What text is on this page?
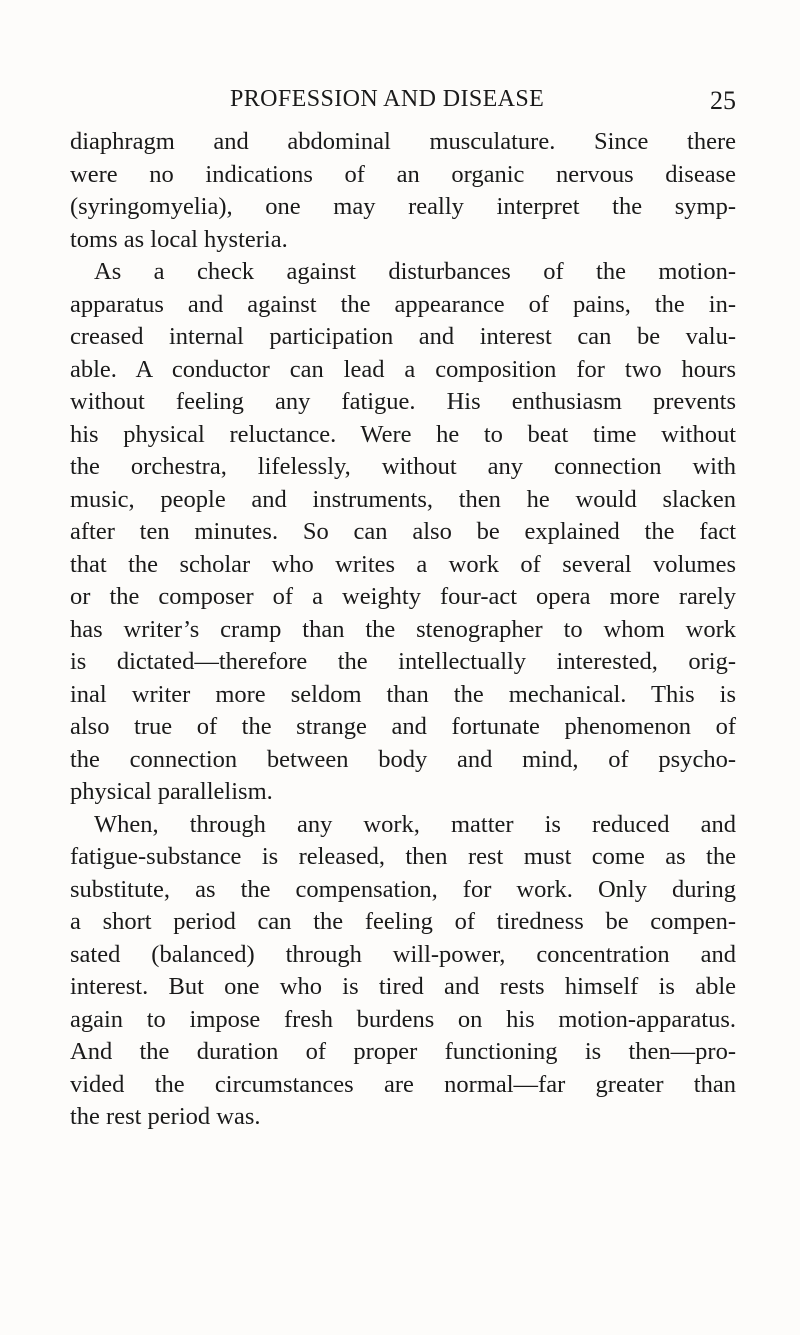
PROFESSION AND DISEASE	25
diaphragm and abdominal musculature. Since there
were no indications of an organic nervous disease
(syringomyelia), one may really interpret the symp-
toms as local hysteria.
As a check against disturbances of the motion-
apparatus and against the appearance of pains, the in-
creased internal participation and interest can be valu-
able. A conductor can lead a composition for two hours
without feeling any fatigue. His enthusiasm prevents
his physical reluctance. Were he to beat time without
the orchestra, lifelessly, without any connection with
music, people and instruments, then he would slacken
after ten minutes. So can also be explained the fact
that the scholar who writes a work of several volumes
or the composer of a weighty four-act opera more rarely
has writer’s cramp than the stenographer to whom work
is dictated—therefore the intellectually interested, orig-
inal writer more seldom than the mechanical. This is
also true of the strange and fortunate phenomenon of
the connection between body and mind, of psycho-
physical parallelism.
When, through any work, matter is reduced and
fatigue-substance is released, then rest must come as the
substitute, as the compensation, for work. Only during
a short period can the feeling of tiredness be compen-
sated (balanced) through will-power, concentration and
interest. But one who is tired and rests himself is able
again to impose fresh burdens on his motion-apparatus.
And the duration of proper functioning is then—pro-
vided the circumstances are normal—far greater than
the rest period was.
